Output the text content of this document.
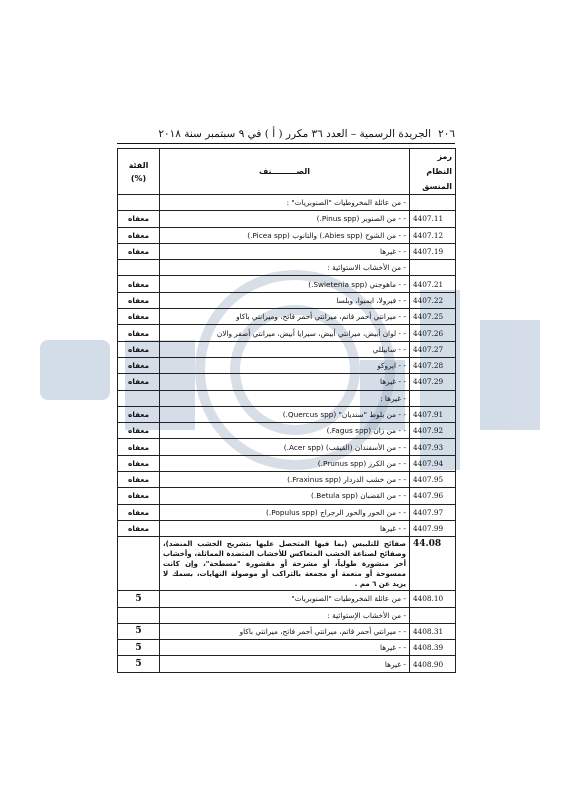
٢٠٦
الجريدة الرسمية – العدد ٣٦ مكرر ( أ ) في ٩ سبتمبر سنة ٢٠١٨
رمز النظام المنسق	الصـــــــــنف	الفئة (%)
	- من عائلة المخروطيات "الصنوبريات" :	
4407.11	- - من الصنوبر (Pinus spp.)	معفاه
4407.12	- - من الشوح (Abies spp.) والتانوب (Picea spp.)	معفاه
4407.19	- - غيرها	معفاه
	- من الأخشاب الاستوائية :	
4407.21	- - ماهوجني (Swietenia spp.)	معفاه
4407.22	- - فيرولا، ايمبوا، وبلسا	معفاه
4407.25	- - ميرانتي أحمر قاتم، ميرانتي أحمر فاتح، وميرانتي باكاو	معفاه
4407.26	- - لوان أبيض، ميرانتي أبيض، سيرايا أبيض، ميرانتي أصفر والان	معفاه
4407.27	- - سابيللي	معفاه
4407.28	- - ايروكو	معفاه
4407.29	- - غيرها	معفاه
	- غيرها :	
4407.91	- - من بلوط "سنديان" (Quercus spp.)	معفاه
4407.92	- - من زان (Fagus spp.)	معفاه
4407.93	- - من الأسفندان (القيقب) (Acer spp.)	معفاه
4407.94	- - من الكرز (Prunus spp.)	معفاه
4407.95	- - من خشب الدردار (Fraxinus spp.)	معفاه
4407.96	- - من القضبان (Betula spp.)	معفاه
4407.97	- - من الحور والحور الرجراج (Populus spp.)	معفاه
4407.99	- - غيرها	معفاه
44.08	صفائح للتلبيس (بما فيها المتحصل عليها بتشريح الخشب المنضد)، وصفائح لصناعة الخشب المتعاكس للأخشاب المتضدة المماثلة، وأخشاب أخر منشورة طولياً، أو مشرحة أو مقشورة "مسطحة"، وإن كانت ممسوحة أو منعمة أو مجمعة بالتراكب أو موصولة النهايات، بسمك لا يزيد عن ٦ مم .	
4408.10	- من عائلة المخروطيات "الصنوبريات"	5
	- من الأخشاب الإستوائية :	
4408.31	- - ميرانتي أحمر قاتم، ميرانتي أحمر فاتح، ميرانتي باكاو	5
4408.39	- - غيرها	5
4408.90	- غيرها	5
